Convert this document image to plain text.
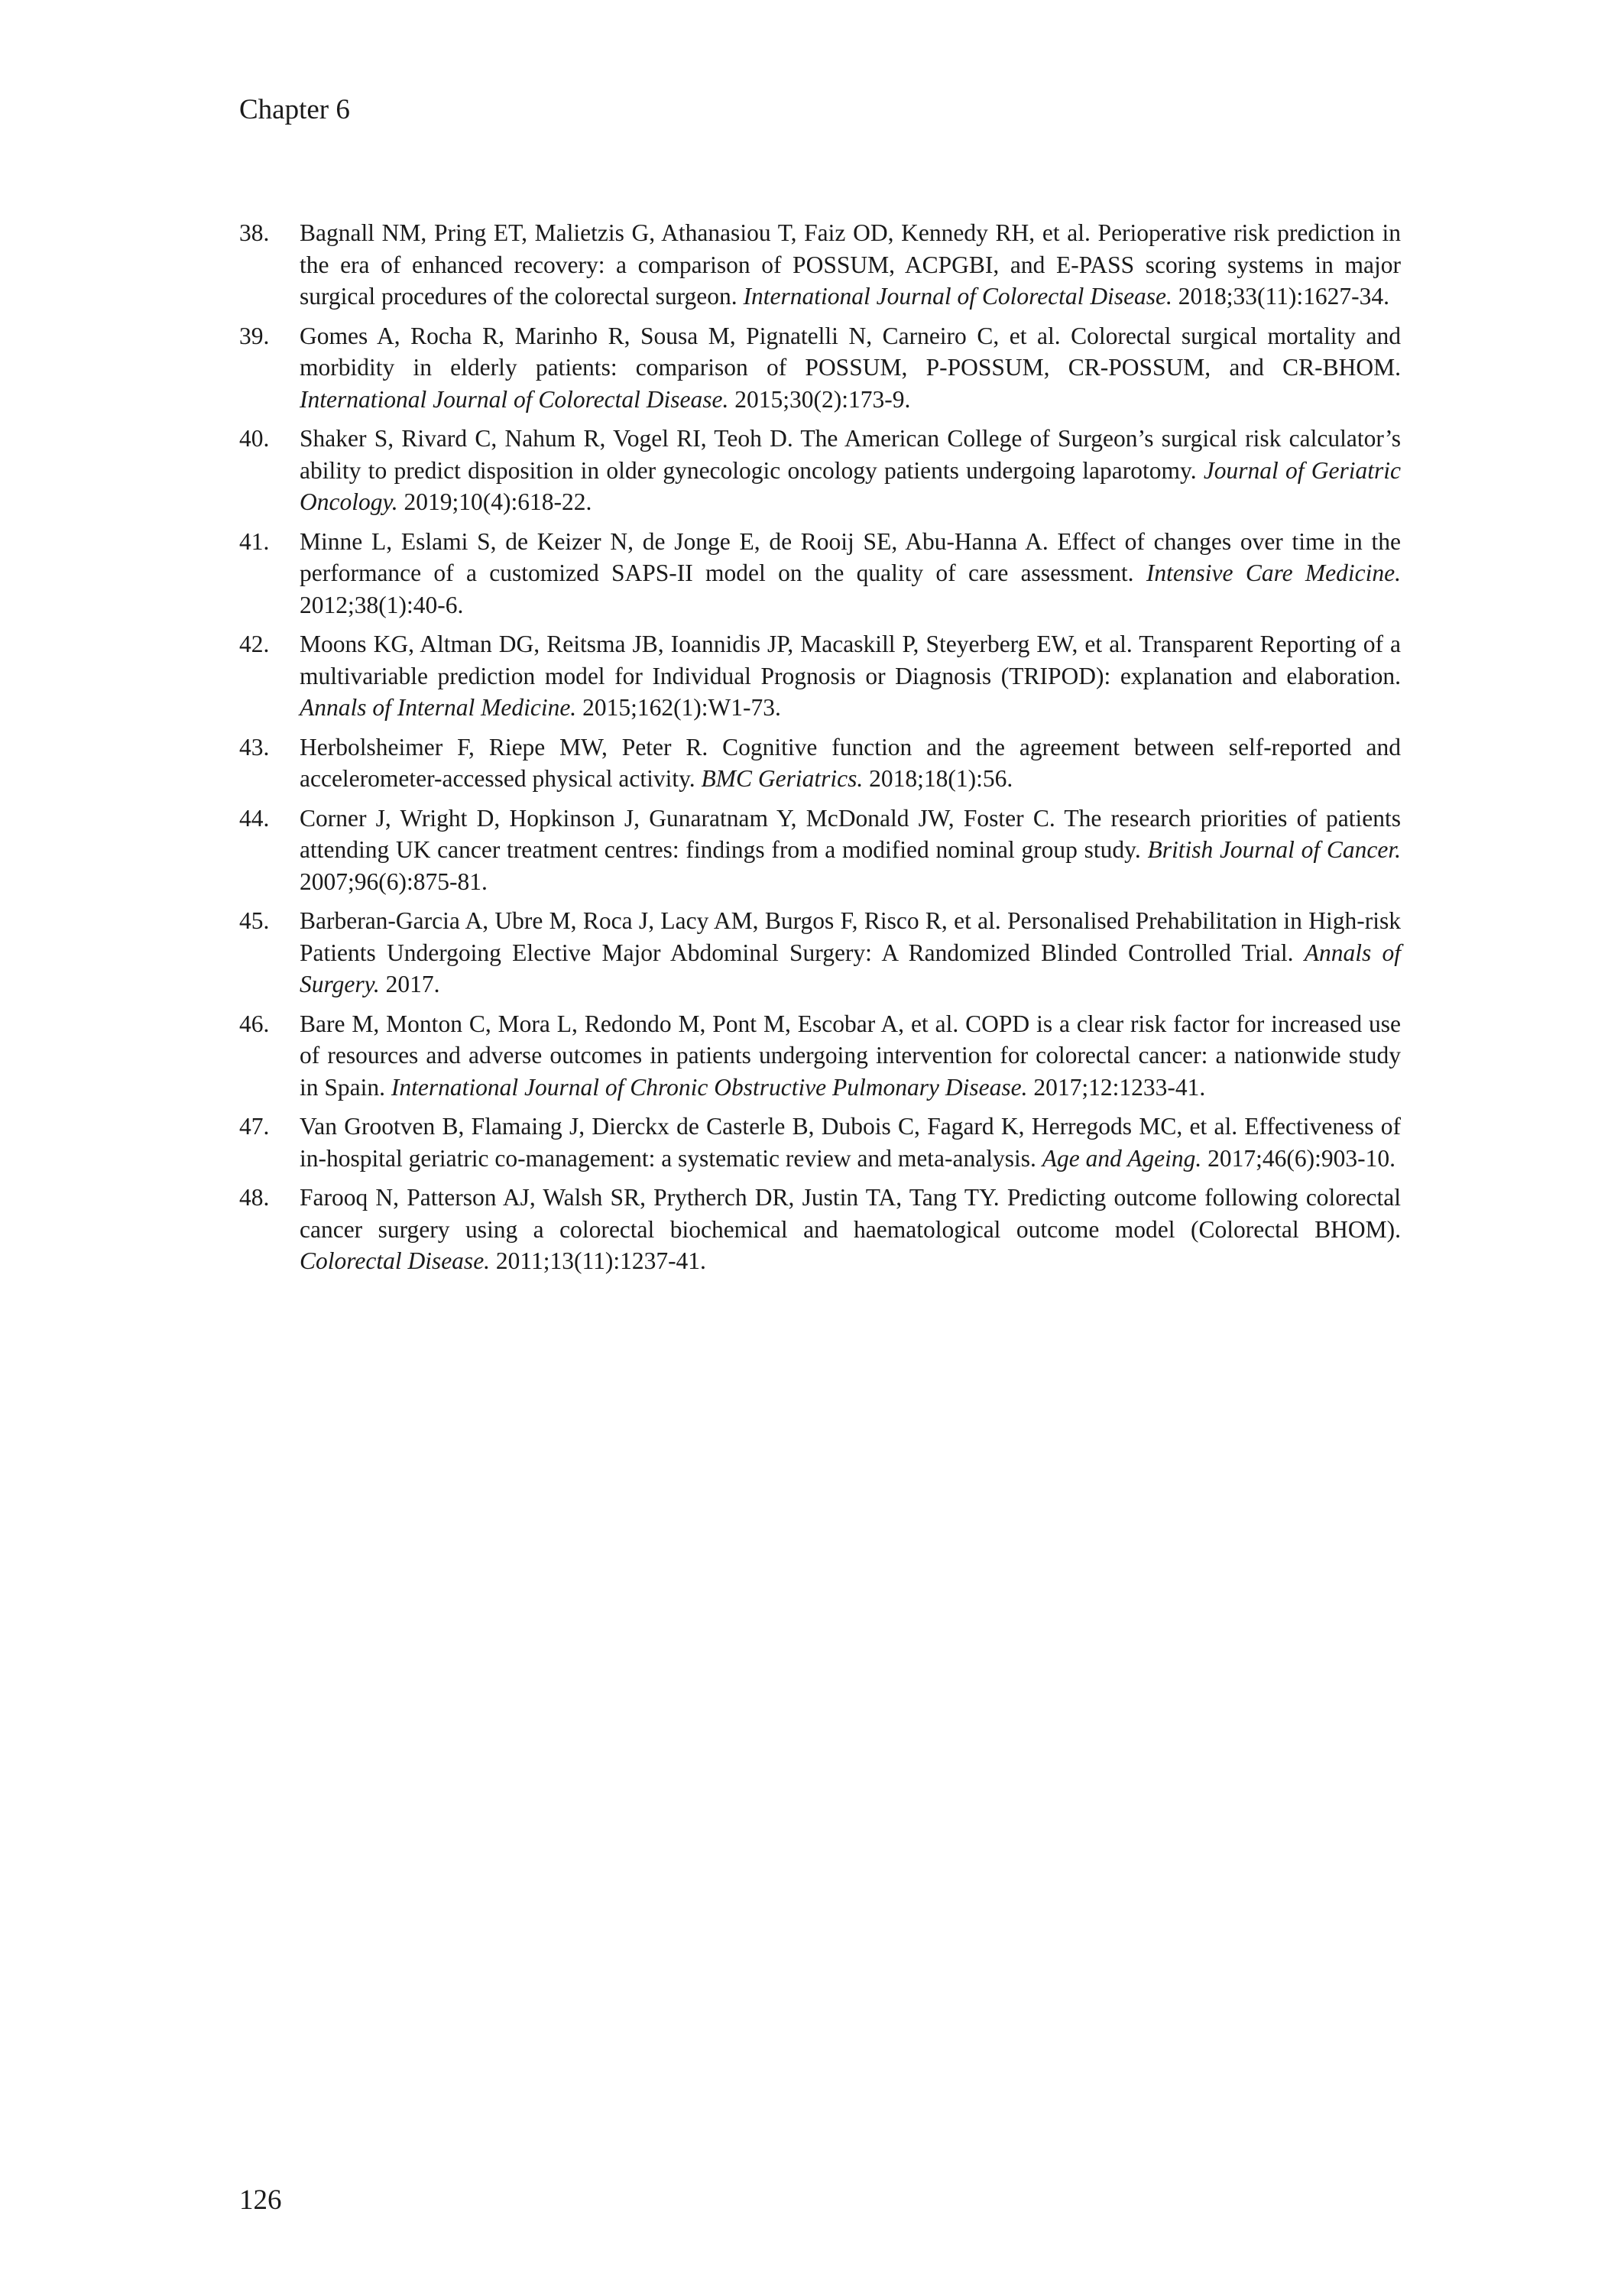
Chapter 6
38. Bagnall NM, Pring ET, Malietzis G, Athanasiou T, Faiz OD, Kennedy RH, et al. Perioperative risk prediction in the era of enhanced recovery: a comparison of POSSUM, ACPGBI, and E-PASS scoring systems in major surgical procedures of the colorectal surgeon. International Journal of Colorectal Disease. 2018;33(11):1627-34.
39. Gomes A, Rocha R, Marinho R, Sousa M, Pignatelli N, Carneiro C, et al. Colorectal surgical mortality and morbidity in elderly patients: comparison of POSSUM, P-POSSUM, CR-POSSUM, and CR-BHOM. International Journal of Colorectal Disease. 2015;30(2):173-9.
40. Shaker S, Rivard C, Nahum R, Vogel RI, Teoh D. The American College of Surgeon’s surgical risk calculator’s ability to predict disposition in older gynecologic oncology patients undergoing laparotomy. Journal of Geriatric Oncology. 2019;10(4):618-22.
41. Minne L, Eslami S, de Keizer N, de Jonge E, de Rooij SE, Abu-Hanna A. Effect of changes over time in the performance of a customized SAPS-II model on the quality of care assessment. Intensive Care Medicine. 2012;38(1):40-6.
42. Moons KG, Altman DG, Reitsma JB, Ioannidis JP, Macaskill P, Steyerberg EW, et al. Transparent Reporting of a multivariable prediction model for Individual Prognosis or Diagnosis (TRIPOD): explanation and elaboration. Annals of Internal Medicine. 2015;162(1):W1-73.
43. Herbolsheimer F, Riepe MW, Peter R. Cognitive function and the agreement between self-reported and accelerometer-accessed physical activity. BMC Geriatrics. 2018;18(1):56.
44. Corner J, Wright D, Hopkinson J, Gunaratnam Y, McDonald JW, Foster C. The research priorities of patients attending UK cancer treatment centres: findings from a modified nominal group study. British Journal of Cancer. 2007;96(6):875-81.
45. Barberan-Garcia A, Ubre M, Roca J, Lacy AM, Burgos F, Risco R, et al. Personalised Prehabilitation in High-risk Patients Undergoing Elective Major Abdominal Surgery: A Randomized Blinded Controlled Trial. Annals of Surgery. 2017.
46. Bare M, Monton C, Mora L, Redondo M, Pont M, Escobar A, et al. COPD is a clear risk factor for increased use of resources and adverse outcomes in patients undergoing intervention for colorectal cancer: a nationwide study in Spain. International Journal of Chronic Obstructive Pulmonary Disease. 2017;12:1233-41.
47. Van Grootven B, Flamaing J, Dierckx de Casterle B, Dubois C, Fagard K, Herregods MC, et al. Effectiveness of in-hospital geriatric co-management: a systematic review and meta-analysis. Age and Ageing. 2017;46(6):903-10.
48. Farooq N, Patterson AJ, Walsh SR, Prytherch DR, Justin TA, Tang TY. Predicting outcome following colorectal cancer surgery using a colorectal biochemical and haematological outcome model (Colorectal BHOM). Colorectal Disease. 2011;13(11):1237-41.
126
